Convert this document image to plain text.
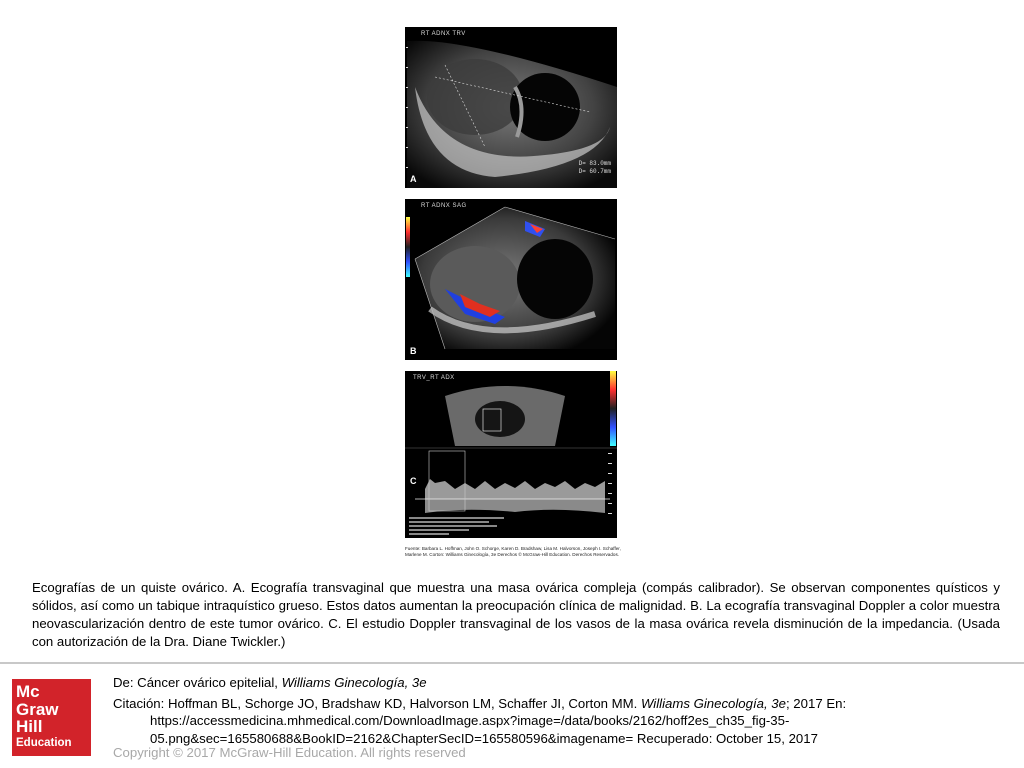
RT ADNX TRV
D= 83.0mm
D= 60.7mm
A
RT ADNX SAG
B
TRV_RT ADX
C
Fuente: Barbara L. Hoffman, John O. Schorge, Karen D. Bradshaw, Lisa M. Halvorson, Joseph I. Schaffer, Marlene M. Corton: Williams Ginecología, 3e Derechos © McGraw-Hill Education. Derechos Reservados.
Ecografías de un quiste ovárico. A. Ecografía transvaginal que muestra una masa ovárica compleja (compás calibrador). Se observan componentes quísticos y sólidos, así como un tabique intraquístico grueso. Estos datos aumentan la preocupación clínica de malignidad. B. La ecografía transvaginal Doppler a color muestra neovascularización dentro de este tumor ovárico. C. El estudio Doppler transvaginal de los vasos de la masa ovárica revela disminución de la impedancia. (Usada con autorización de la Dra. Diane Twickler.)
Mc
Graw
Hill
Education
De: Cáncer ovárico epitelial, Williams Ginecología, 3e
Citación: Hoffman BL, Schorge JO, Bradshaw KD, Halvorson LM, Schaffer JI, Corton MM. Williams Ginecología, 3e; 2017 En:
https://accessmedicina.mhmedical.com/DownloadImage.aspx?image=/data/books/2162/hoff2es_ch35_fig-35-
05.png&sec=165580688&BookID=2162&ChapterSecID=165580596&imagename= Recuperado: October 15, 2017
Copyright © 2017 McGraw-Hill Education. All rights reserved
